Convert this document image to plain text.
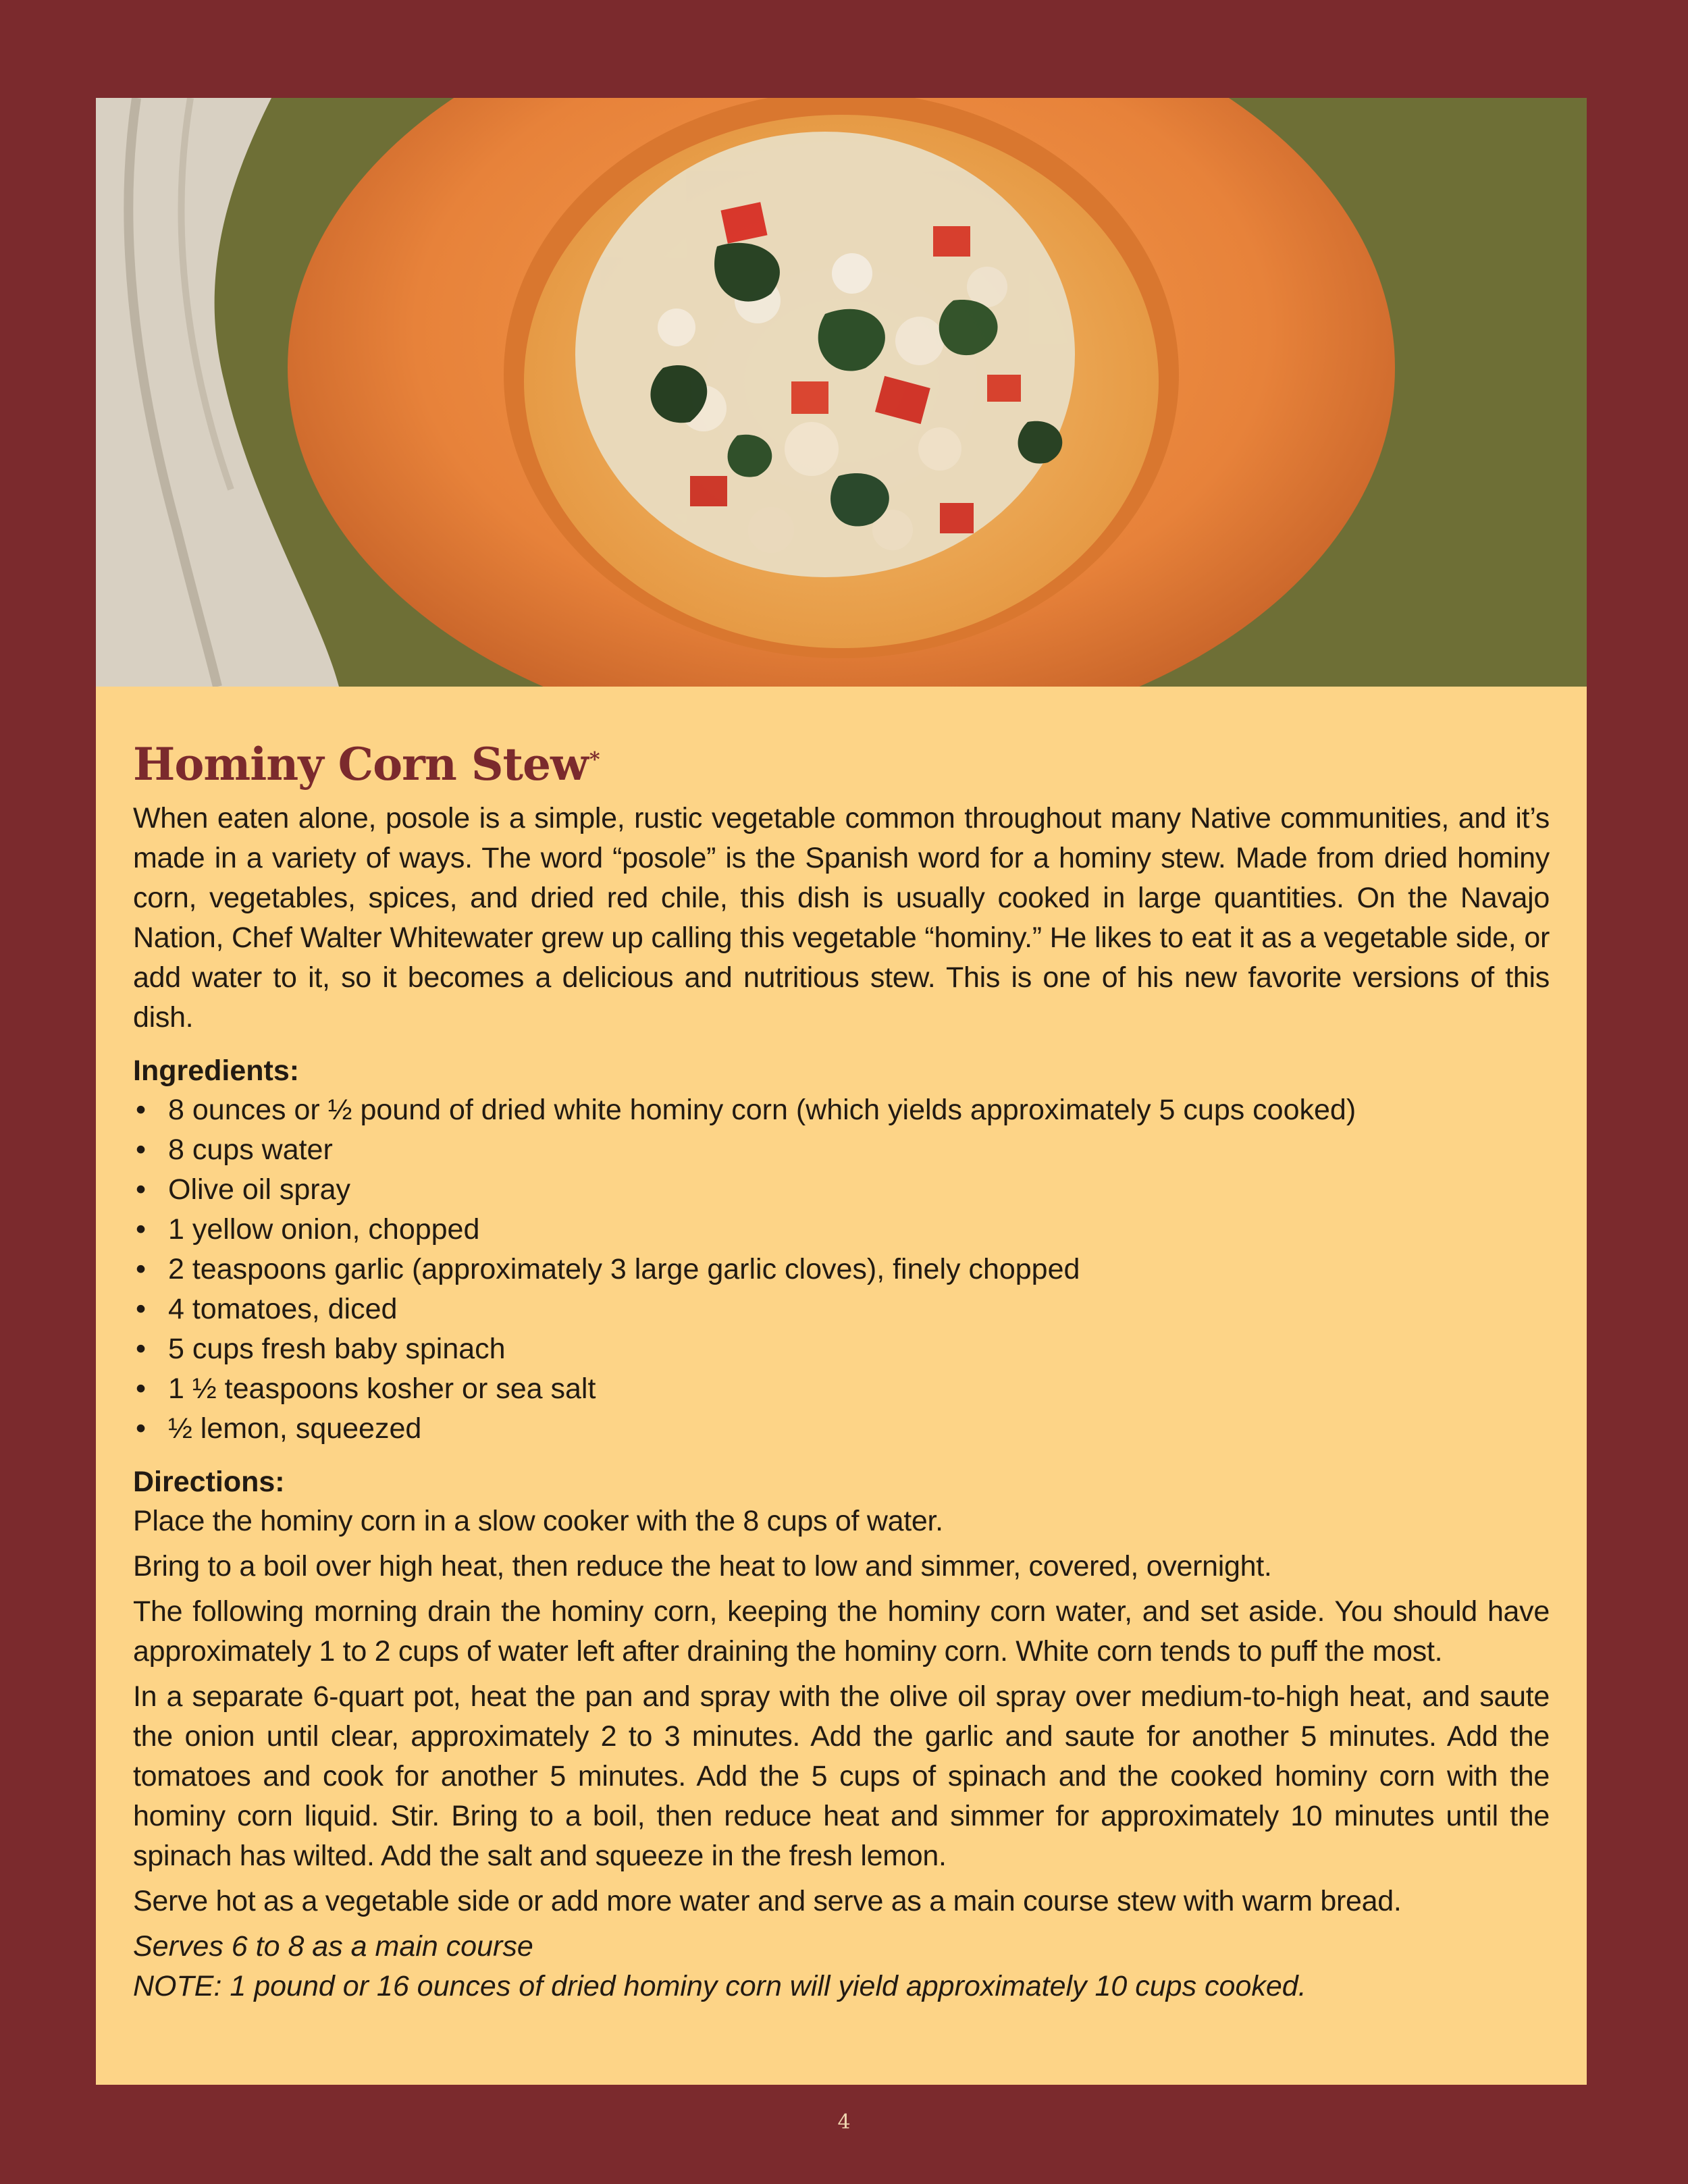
Hominy Corn Stew*

When eaten alone, posole is a simple, rustic vegetable common throughout many Native communities, and it’s made in a variety of ways. The word “posole” is the Spanish word for a hominy stew. Made from dried hominy corn, vegetables, spices, and dried red chile, this dish is usually cooked in large quantities. On the Navajo Nation, Chef Walter Whitewater grew up calling this vegetable “hominy.” He likes to eat it as a vegetable side, or add water to it, so it becomes a delicious and nutritious stew. This is one of his new favorite versions of this dish.

Ingredients:
• 8 ounces or ½ pound of dried white hominy corn (which yields approximately 5 cups cooked)
• 8 cups water
• Olive oil spray
• 1 yellow onion, chopped
• 2 teaspoons garlic (approximately 3 large garlic cloves), finely chopped
• 4 tomatoes, diced
• 5 cups fresh baby spinach
• 1 ½ teaspoons kosher or sea salt
• ½ lemon, squeezed
Directions:

Place the hominy corn in a slow cooker with the 8 cups of water.

Bring to a boil over high heat, then reduce the heat to low and simmer, covered, overnight.

The following morning drain the hominy corn, keeping the hominy corn water, and set aside. You should have approximately 1 to 2 cups of water left after draining the hominy corn. White corn tends to puff the most.

In a separate 6-quart pot, heat the pan and spray with the olive oil spray over medium-to-high heat, and saute the onion until clear, approximately 2 to 3 minutes. Add the garlic and saute for another 5 minutes. Add the tomatoes and cook for another 5 minutes. Add the 5 cups of spinach and the cooked hominy corn with the hominy corn liquid. Stir. Bring to a boil, then reduce heat and simmer for approximately 10 minutes until the spinach has wilted. Add the salt and squeeze in the fresh lemon.

Serve hot as a vegetable side or add more water and serve as a main course stew with warm bread.

Serves 6 to 8 as a main course

NOTE: 1 pound or 16 ounces of dried hominy corn will yield approximately 10 cups cooked.

4
